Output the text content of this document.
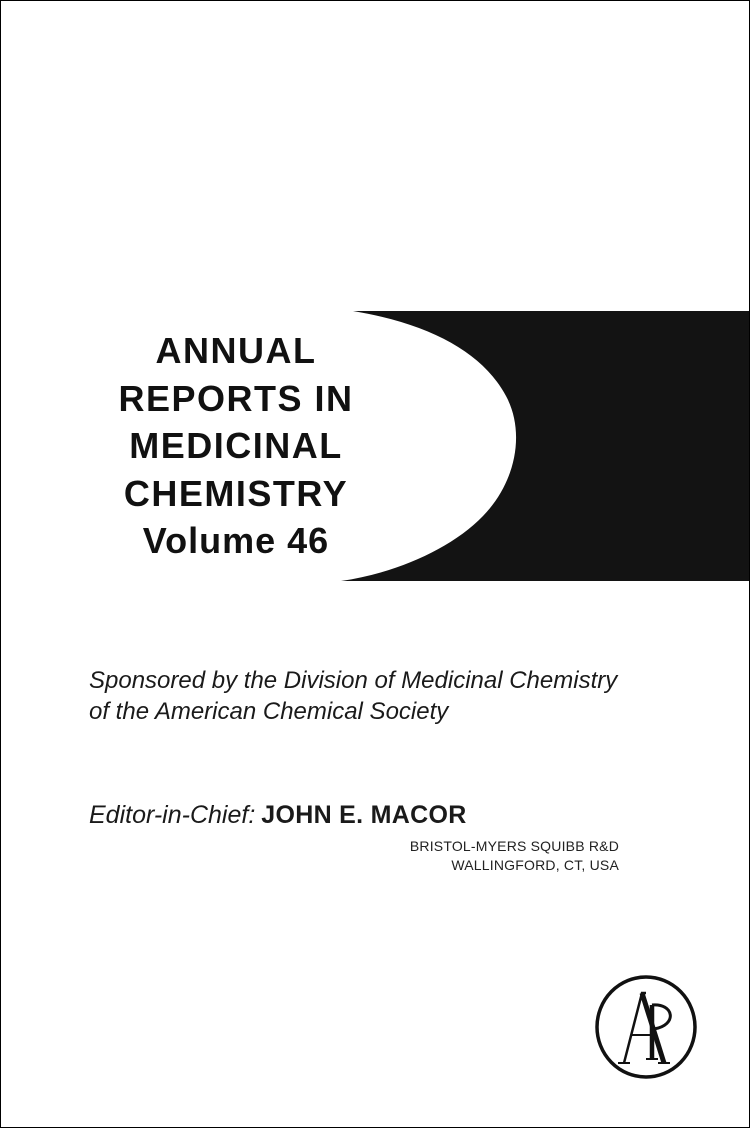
ANNUAL
REPORTS IN
MEDICINAL
CHEMISTRY
Volume 46
Sponsored by the Division of Medicinal Chemistry
of the American Chemical Society
Editor-in-Chief: JOHN E. MACOR
BRISTOL-MYERS SQUIBB R&D
WALLINGFORD, CT, USA
